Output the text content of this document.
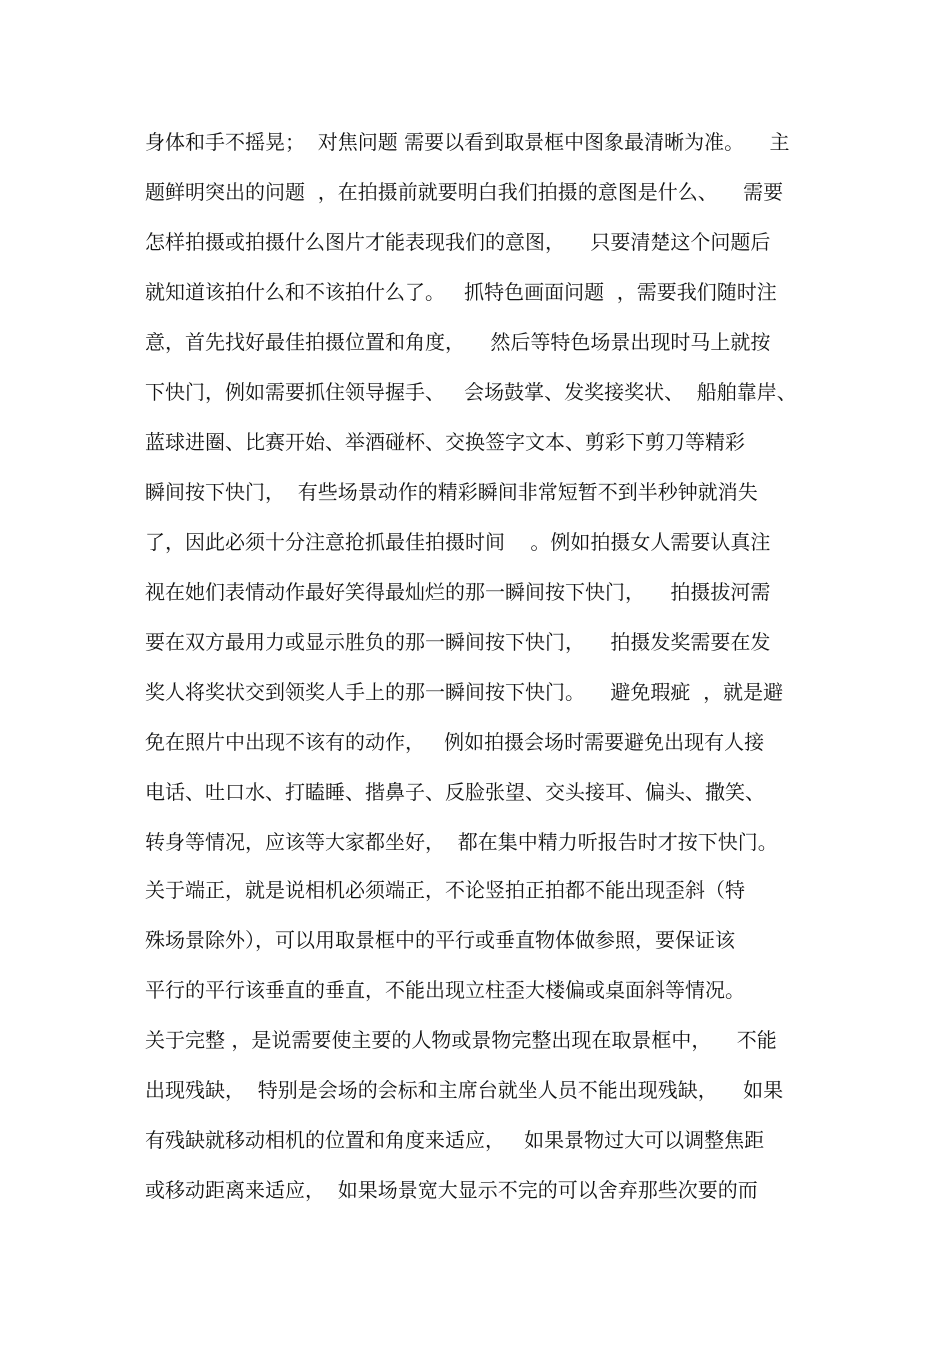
身体和手不摇晃；  对焦问题 需要以看到取景框中图象最清晰为准。    主
题鲜明突出的问题  ，在拍摄前就要明白我们拍摄的意图是什么、    需要
怎样拍摄或拍摄什么图片才能表现我们的意图，    只要清楚这个问题后
就知道该拍什么和不该拍什么了。   抓特色画面问题  ，需要我们随时注
意，首先找好最佳拍摄位置和角度，    然后等特色场景出现时马上就按
下快门，例如需要抓住领导握手、   会场鼓掌、发奖接奖状、  船舶靠岸、
蓝球进圈、比赛开始、举酒碰杯、交换签字文本、剪彩下剪刀等精彩
瞬间按下快门，  有些场景动作的精彩瞬间非常短暂不到半秒钟就消失
了，因此必须十分注意抢抓最佳拍摄时间    。例如拍摄女人需要认真注
视在她们表情动作最好笑得最灿烂的那一瞬间按下快门，    拍摄拔河需
要在双方最用力或显示胜负的那一瞬间按下快门，    拍摄发奖需要在发
奖人将奖状交到领奖人手上的那一瞬间按下快门。    避免瑕疵  ，就是避
免在照片中出现不该有的动作，   例如拍摄会场时需要避免出现有人接
电话、吐口水、打瞌睡、揩鼻子、反脸张望、交头接耳、偏头、撒笑、
转身等情况，应该等大家都坐好，  都在集中精力听报告时才按下快门。
关于端正，就是说相机必须端正，不论竖拍正拍都不能出现歪斜（特
殊场景除外），可以用取景框中的平行或垂直物体做参照，要保证该
平行的平行该垂直的垂直，不能出现立柱歪大楼偏或桌面斜等情况。
关于完整 ，是说需要使主要的人物或景物完整出现在取景框中，    不能
出现残缺，  特别是会场的会标和主席台就坐人员不能出现残缺，    如果
有残缺就移动相机的位置和角度来适应，   如果景物过大可以调整焦距
或移动距离来适应，  如果场景宽大显示不完的可以舍弃那些次要的而
